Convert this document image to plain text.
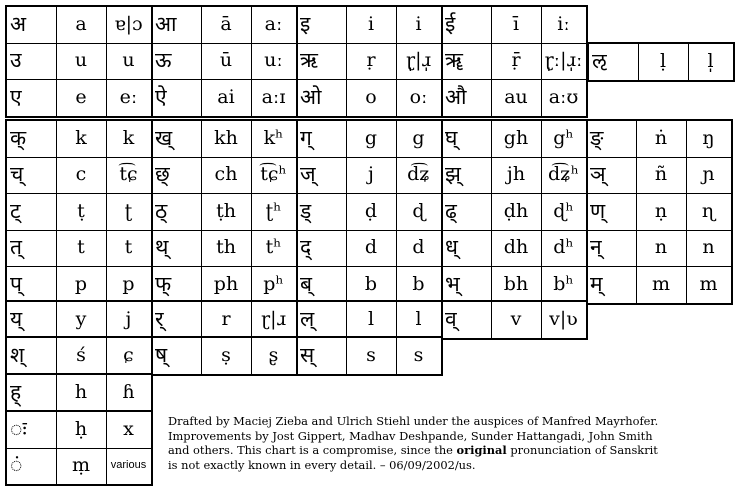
अ	a	ɐ|ɔ आ	ā	aː इ	i	i	ई	ī	iː
उ	u	u ऊ	ū	uː ऋ	ṛ	ɽ̩|ɹ̩ ॠ	ṝ	ɽ̩ː|ɹ̩ː
ए	e	eː ऐ	ai	aːɪ ओ	o	oː औ	au	aːʊ
ऌ	ḷ	l̩
क्	k	k ख्	kh	kʰ ग्	g	g घ्	gh	gʰ ङ्	ṅ	ŋ
च्	c	t͡ɕ छ्	ch	t͡ɕʰ ज्	j	d͡ʑ झ्	jh	d͡ʑʰ ञ्	ñ	ɲ
ट्	ṭ	ʈ	ठ्	ṭh	ʈʰ ड्	ḍ	ɖ ढ्	ḍh	ɖʰ ण्	ṇ	ɳ
त्	t	t	थ्	th	tʰ द्	d	d ध्	dh	dʰ न्	n	n
प्	p	p फ्	ph	pʰ ब्	b	b भ्	bh	bʰ म्	m	m
य्	y	j	र्	r	ɽ|ɹ ल्	l	l	व्	v	v|ʋ
श्	ś	ɕ	ष्	ṣ	ʂ	स्	s	s
ह्	h	ɦ
ः	ḥ	x
ं	ṃ	various
Drafted by Maciej Zieba and Ulrich Stiehl under the auspices of Manfred Mayrhofer.
Improvements by Jost Gippert, Madhav Deshpande, Sunder Hattangadi, John Smith
and others. This chart is a compromise, since the original pronunciation of Sanskrit
is not exactly known in every detail. – 06/09/2002/us.
